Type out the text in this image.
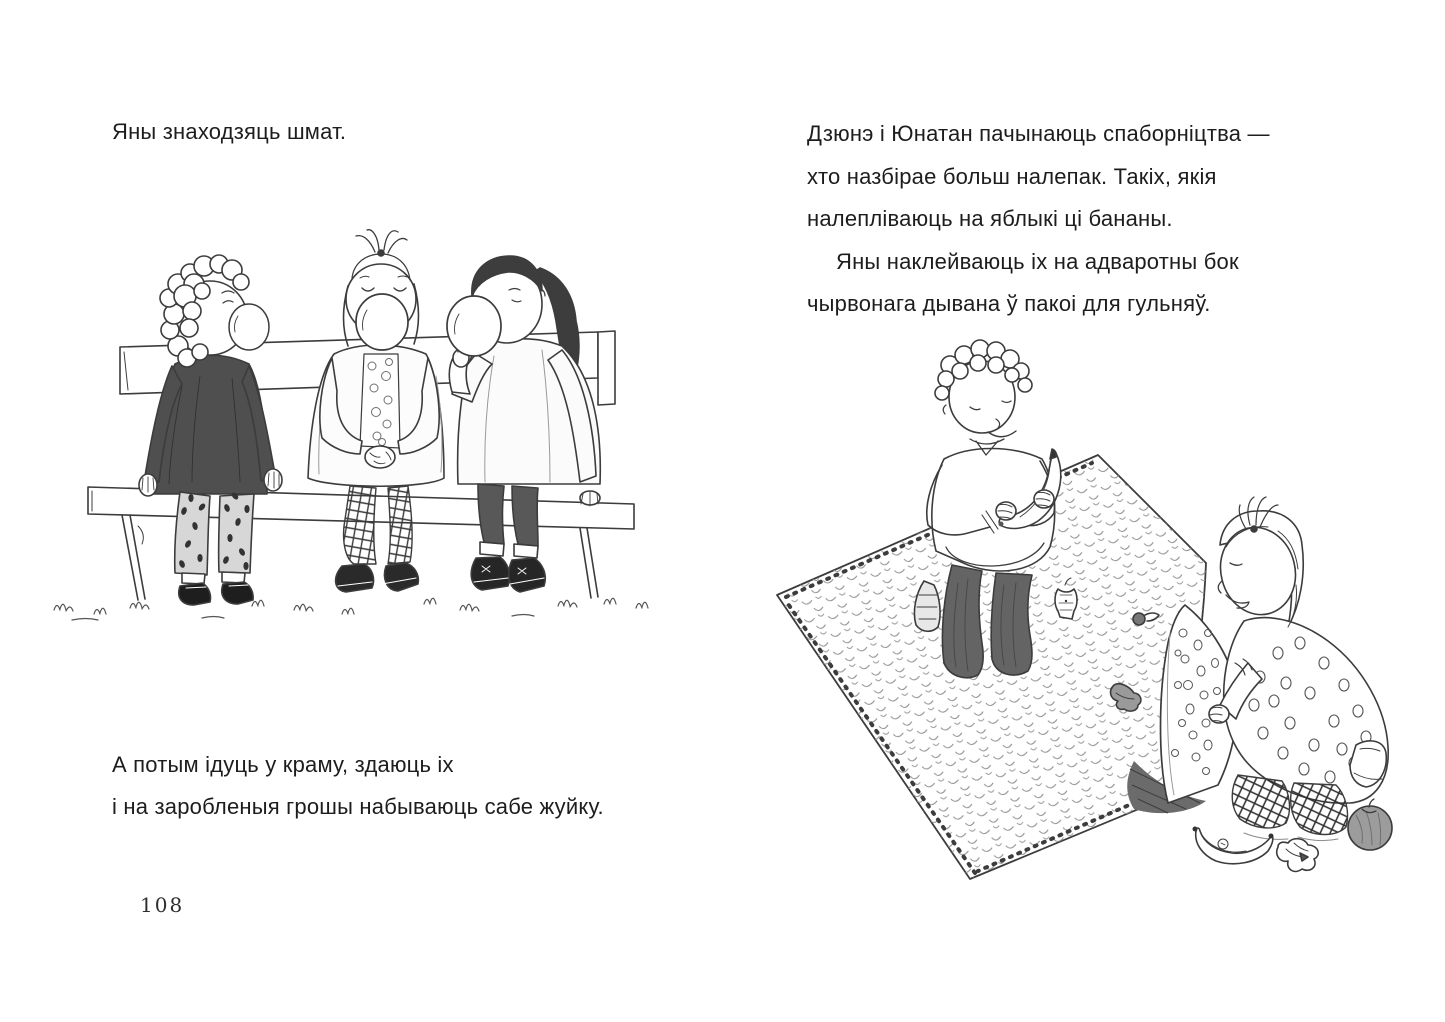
Яны знаходзяць шмат.
А потым ідуць у краму, здаюць іх
і на заробленыя грошы набываюць сабе жуйку.
108
Дзюнэ і Юнатан пачынаюць спаборніцтва —
хто назбірае больш налепак. Такіх, якія
налепліваюць на яблыкі ці бананы.
Яны наклейваюць іх на адваротны бок
чырвонага дывана ў пакоі для гульняў.
